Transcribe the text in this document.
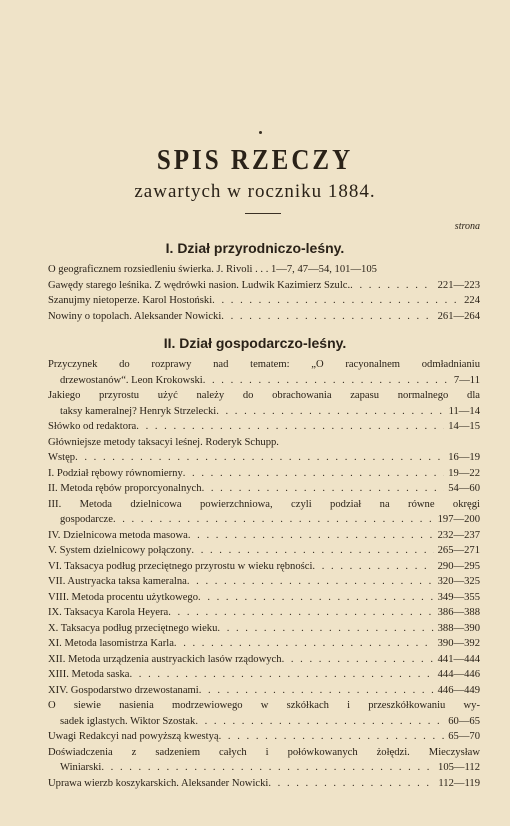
SPIS RZECZY
zawartych w roczniku 1884.
strona
I. Dział przyrodniczo-leśny.
O geograficznem rozsiedleniu świerka. J. Rivoli . . . 1—7, 47—54, 101—105
Gawędy starego leśnika. Z wędrówki nasion. Ludwik Kazimierz Szulc. . . .	221—223
Szanujmy nietoperze. Karol Hostoński . . .	224
Nowiny o topolach. Aleksander Nowicki . . .	261—264
II. Dział gospodarczo-leśny.
Przyczynek do rozprawy nad tematem: „O racyonalnem odmładnianiu
drzewostanów“. Leon Krokowski . . .	7—11
Jakiego przyrostu użyć należy do obrachowania zapasu normalnego dla
taksy kameralnej? Henryk Strzelecki . . .	11—14
Słówko od redaktora . . .	14—15
Główniejsze metody taksacyi leśnej. Roderyk Schupp.
Wstęp . . .	16—19
I. Podział rębowy równomierny . . .	19—22
II. Metoda rębów proporcyonalnych . . .	54—60
III. Metoda dzielnicowa powierzchniowa, czyli podział na równe okręgi
gospodarcze . . .	197—200
IV. Dzielnicowa metoda masowa . . .	232—237
V. System dzielnicowy połączony . . .	265—271
VI. Taksacya podług przeciętnego przyrostu w wieku rębności . . .	290—295
VII. Austryacka taksa kameralna . . .	320—325
VIII. Metoda procentu użytkowego . . .	349—355
IX. Taksacya Karola Heyera . . .	386—388
X. Taksacya podług przeciętnego wieku . . .	388—390
XI. Metoda lasomistrza Karla . . .	390—392
XII. Metoda urządzenia austryackich lasów rządowych . . .	441—444
XIII. Metoda saska . . .	444—446
XIV. Gospodarstwo drzewostanami . . .	446—449
O siewie nasienia modrzewiowego w szkółkach i przeszkółkowaniu wy-
sadek iglastych. Wiktor Szostak . . .	60—65
Uwagi Redakcyi nad powyższą kwestyą . . .	65—70
Doświadczenia z sadzeniem całych i połówkowanych żołędzi. Mieczysław
Winiarski . . .	105—112
Uprawa wierzb koszykarskich. Aleksander Nowicki . . .	112—119
